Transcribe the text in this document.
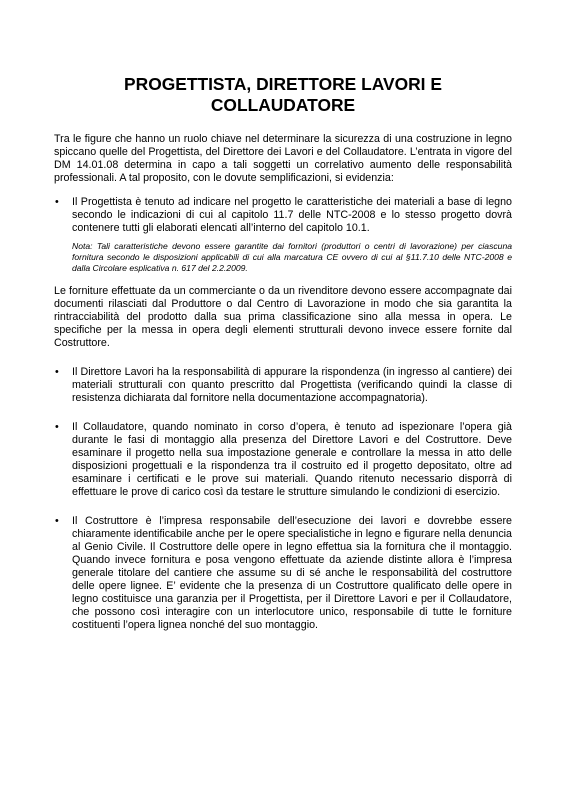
PROGETTISTA, DIRETTORE LAVORI E COLLAUDATORE

Tra le figure che hanno un ruolo chiave nel determinare la sicurezza di una costruzione in legno spiccano quelle del Progettista, del Direttore dei Lavori e del Collaudatore. L’entrata in vigore del DM 14.01.08 determina in capo a tali soggetti un correlativo aumento delle responsabilità professionali. A tal proposito, con le dovute semplificazioni, si evidenzia:

• Il Progettista è tenuto ad indicare nel progetto le caratteristiche dei materiali a base di legno secondo le indicazioni di cui al capitolo 11.7 delle NTC-2008 e lo stesso progetto dovrà contenere tutti gli elaborati elencati all’interno del capitolo 10.1.
Nota: Tali caratteristiche devono essere garantite dai fornitori (produttori o centri di lavorazione) per ciascuna fornitura secondo le disposizioni applicabili di cui alla marcatura CE ovvero di cui al §11.7.10 delle NTC-2008 e dalla Circolare esplicativa n. 617 del 2.2.2009.

Le forniture effettuate da un commerciante o da un rivenditore devono essere accompagnate dai documenti rilasciati dal Produttore o dal Centro di Lavorazione in modo che sia garantita la rintracciabilità del prodotto dalla sua prima classificazione sino alla messa in opera. Le specifiche per la messa in opera degli elementi strutturali devono invece essere fornite dal Costruttore.

• Il Direttore Lavori ha la responsabilità di appurare la rispondenza (in ingresso al cantiere) dei materiali strutturali con quanto prescritto dal Progettista (verificando quindi la classe di resistenza dichiarata dal fornitore nella documentazione accompagnatoria).
• Il Collaudatore, quando nominato in corso d’opera, è tenuto ad ispezionare l’opera già durante le fasi di montaggio alla presenza del Direttore Lavori e del Costruttore. Deve esaminare il progetto nella sua impostazione generale e controllare la messa in atto delle disposizioni progettuali e la rispondenza tra il costruito ed il progetto depositato, oltre ad esaminare i certificati e le prove sui materiali. Quando ritenuto necessario disporrà di effettuare le prove di carico così da testare le strutture simulando le condizioni di esercizio.
• Il Costruttore è l’impresa responsabile dell’esecuzione dei lavori e dovrebbe essere chiaramente identificabile anche per le opere specialistiche in legno e figurare nella denuncia al Genio Civile. Il Costruttore delle opere in legno effettua sia la fornitura che il montaggio. Quando invece fornitura e posa vengono effettuate da aziende distinte allora è l’impresa generale titolare del cantiere che assume su di sé anche le responsabilità del costruttore delle opere lignee. E’ evidente che la presenza di un Costruttore qualificato delle opere in legno costituisce una garanzia per il Progettista, per il Direttore Lavori e per il Collaudatore, che possono così interagire con un interlocutore unico, responsabile di tutte le forniture costituenti l’opera lignea nonché del suo montaggio.
